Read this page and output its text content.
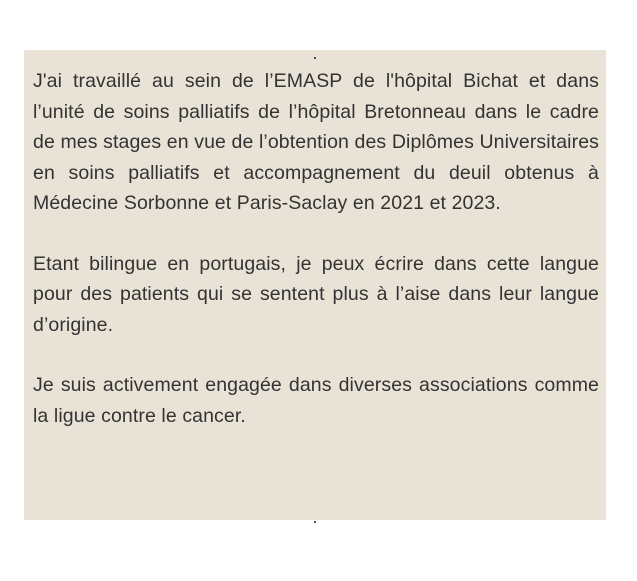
.

J'ai travaillé au sein de l’EMASP de l'hôpital Bichat et dans l’unité de soins palliatifs de l’hôpital Bretonneau dans le cadre de mes stages en vue de l’obtention des Diplômes Universitaires en soins palliatifs et accompagnement du deuil obtenus à Médecine Sorbonne et Paris-Saclay en 2021 et 2023.

Etant bilingue en portugais, je peux écrire dans cette langue pour des patients qui se sentent plus à l’aise dans leur langue d’origine.

Je suis activement engagée dans diverses associations comme la ligue contre le cancer.

.
